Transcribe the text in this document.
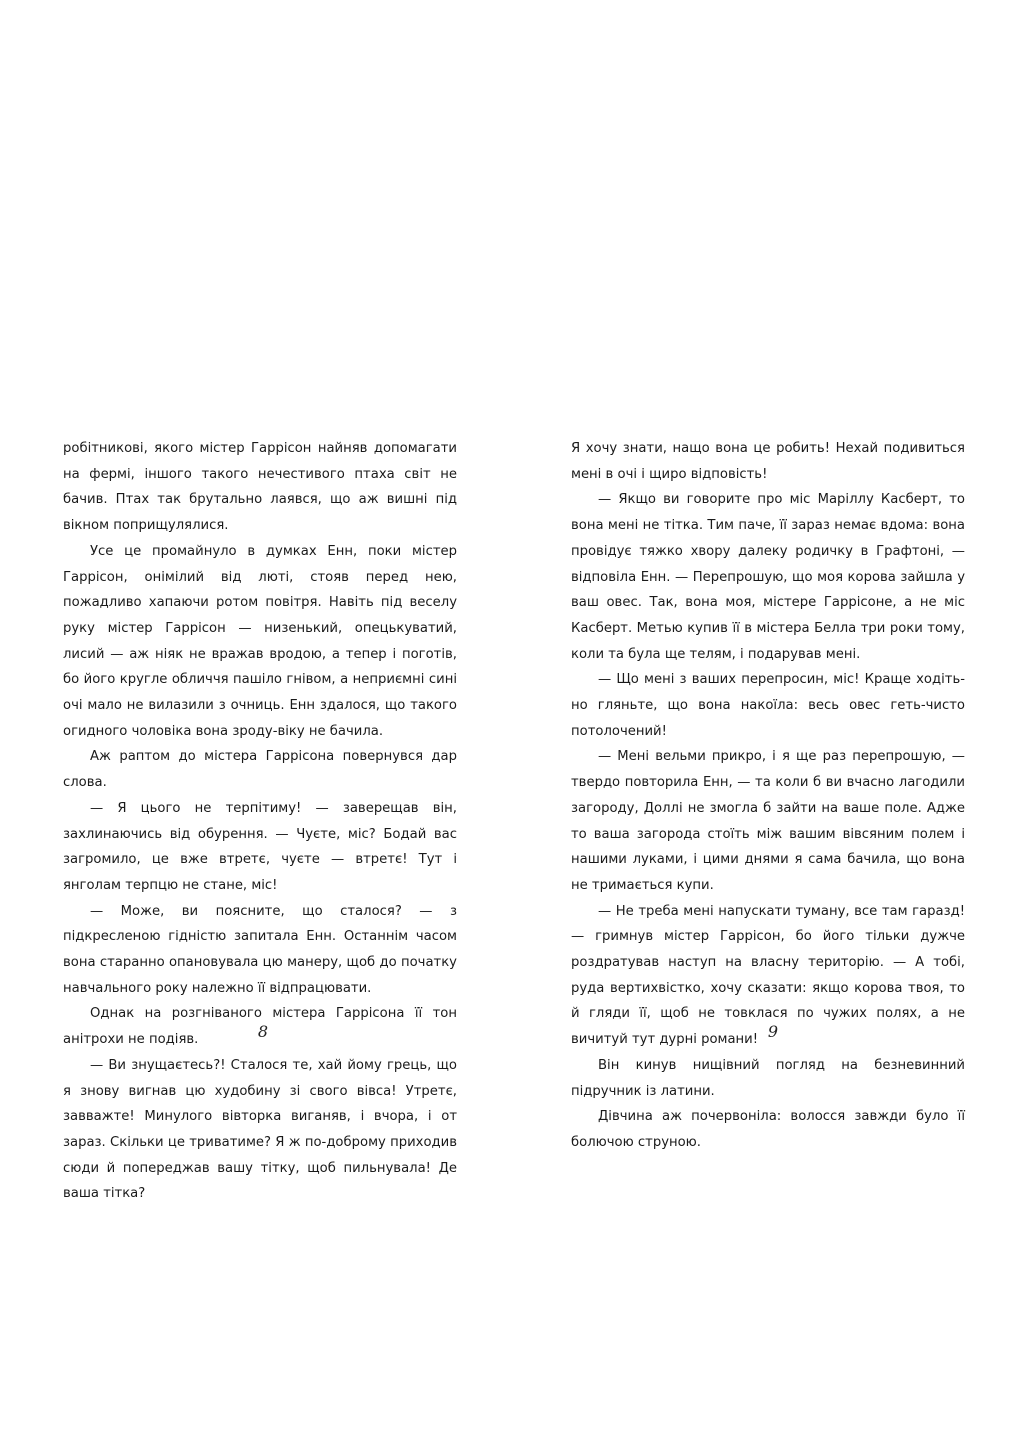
робітникові, якого містер Гаррісон найняв допомагати на фермі, іншого такого нечестивого птаха світ не бачив. Птах так брутально лаявся, що аж вишні під вікном поприщулялися.

Усе це промайнуло в думках Енн, поки містер Гаррісон, онімілий від люті, стояв перед нею, пожадливо хапаючи ротом повітря. Навіть під веселу руку містер Гаррісон — низенький, опецькуватий, лисий — аж ніяк не вражав вродою, а тепер і поготів, бо його кругле обличчя пашіло гнівом, а неприємні сині очі мало не вилазили з очниць. Енн здалося, що такого огидного чоловіка вона зроду-віку не бачила.

Аж раптом до містера Гаррісона повернувся дар слова.

— Я цього не терпітиму! — заверещав він, захлинаючись від обурення. — Чуєте, міс? Бодай вас загромило, це вже втретє, чуєте — втретє! Тут і янголам терпцю не стане, міс!

— Може, ви поясните, що сталося? — з підкресленою гідністю запитала Енн. Останнім часом вона старанно опановувала цю манеру, щоб до початку навчального року належно її відпрацювати.

Однак на розгніваного містера Гаррісона її тон анітрохи не подіяв.

— Ви знущаєтесь?! Сталося те, хай йому грець, що я знову вигнав цю худобину зі свого вівса! Утретє, завважте! Минулого вівторка виганяв, і вчора, і от зараз. Скільки це триватиме? Я ж по-доброму приходив сюди й попереджав вашу тітку, щоб пильнувала! Де ваша тітка?

8

Я хочу знати, нащо вона це робить! Нехай подивиться мені в очі і щиро відповість!

— Якщо ви говорите про міс Маріллу Касберт, то вона мені не тітка. Тим паче, її зараз немає вдома: вона провідує тяжко хвору далеку родичку в Графтоні, — відповіла Енн. — Перепрошую, що моя корова зайшла у ваш овес. Так, вона моя, містере Гаррісоне, а не міс Касберт. Метью купив її в містера Белла три роки тому, коли та була ще телям, і подарував мені.

— Що мені з ваших перепросин, міс! Краще ходіть-но гляньте, що вона накоїла: весь овес геть-чисто потолочений!

— Мені вельми прикро, і я ще раз перепрошую, — твердо повторила Енн, — та коли б ви вчасно лагодили загороду, Доллі не змогла б зайти на ваше поле. Адже то ваша загорода стоїть між вашим вівсяним полем і нашими луками, і цими днями я сама бачила, що вона не тримається купи.

— Не треба мені напускати туману, все там гаразд! — гримнув містер Гаррісон, бо його тільки дужче роздратував наступ на власну територію. — А тобі, руда вертихвістко, хочу сказати: якщо корова твоя, то й гляди її, щоб не товклася по чужих полях, а не вичитуй тут дурні романи!

Він кинув нищівний погляд на безневинний підручник із латини.

Дівчина аж почервоніла: волосся завжди було її болючою струною.

9
